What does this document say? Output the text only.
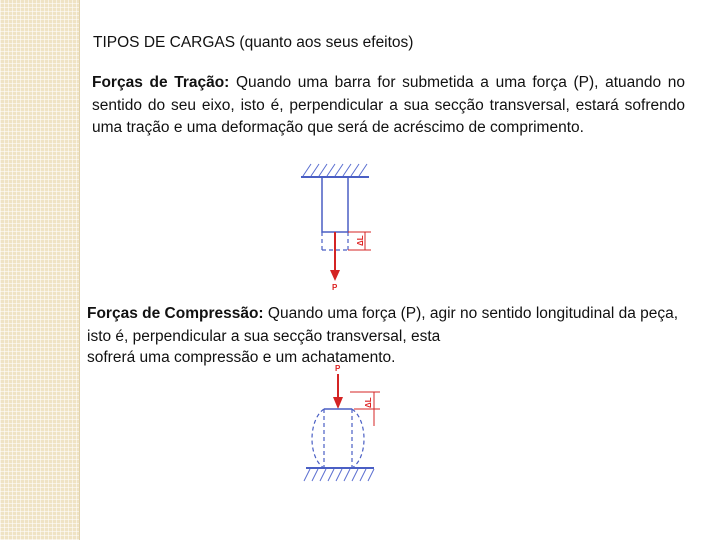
TIPOS DE CARGAS (quanto aos seus efeitos)

Forças de Tração: Quando uma barra for submetida a uma força (P), atuando no sentido do seu eixo, isto é, perpendicular a sua secção transversal, estará sofrendo uma tração e uma deformação que será de acréscimo de comprimento.

ΔL
P

Forças de Compressão: Quando uma força (P), agir no sentido longitudinal da peça, isto é, perpendicular a sua secção transversal, esta

P
ΔL

sofrerá uma compressão e um achatamento.
